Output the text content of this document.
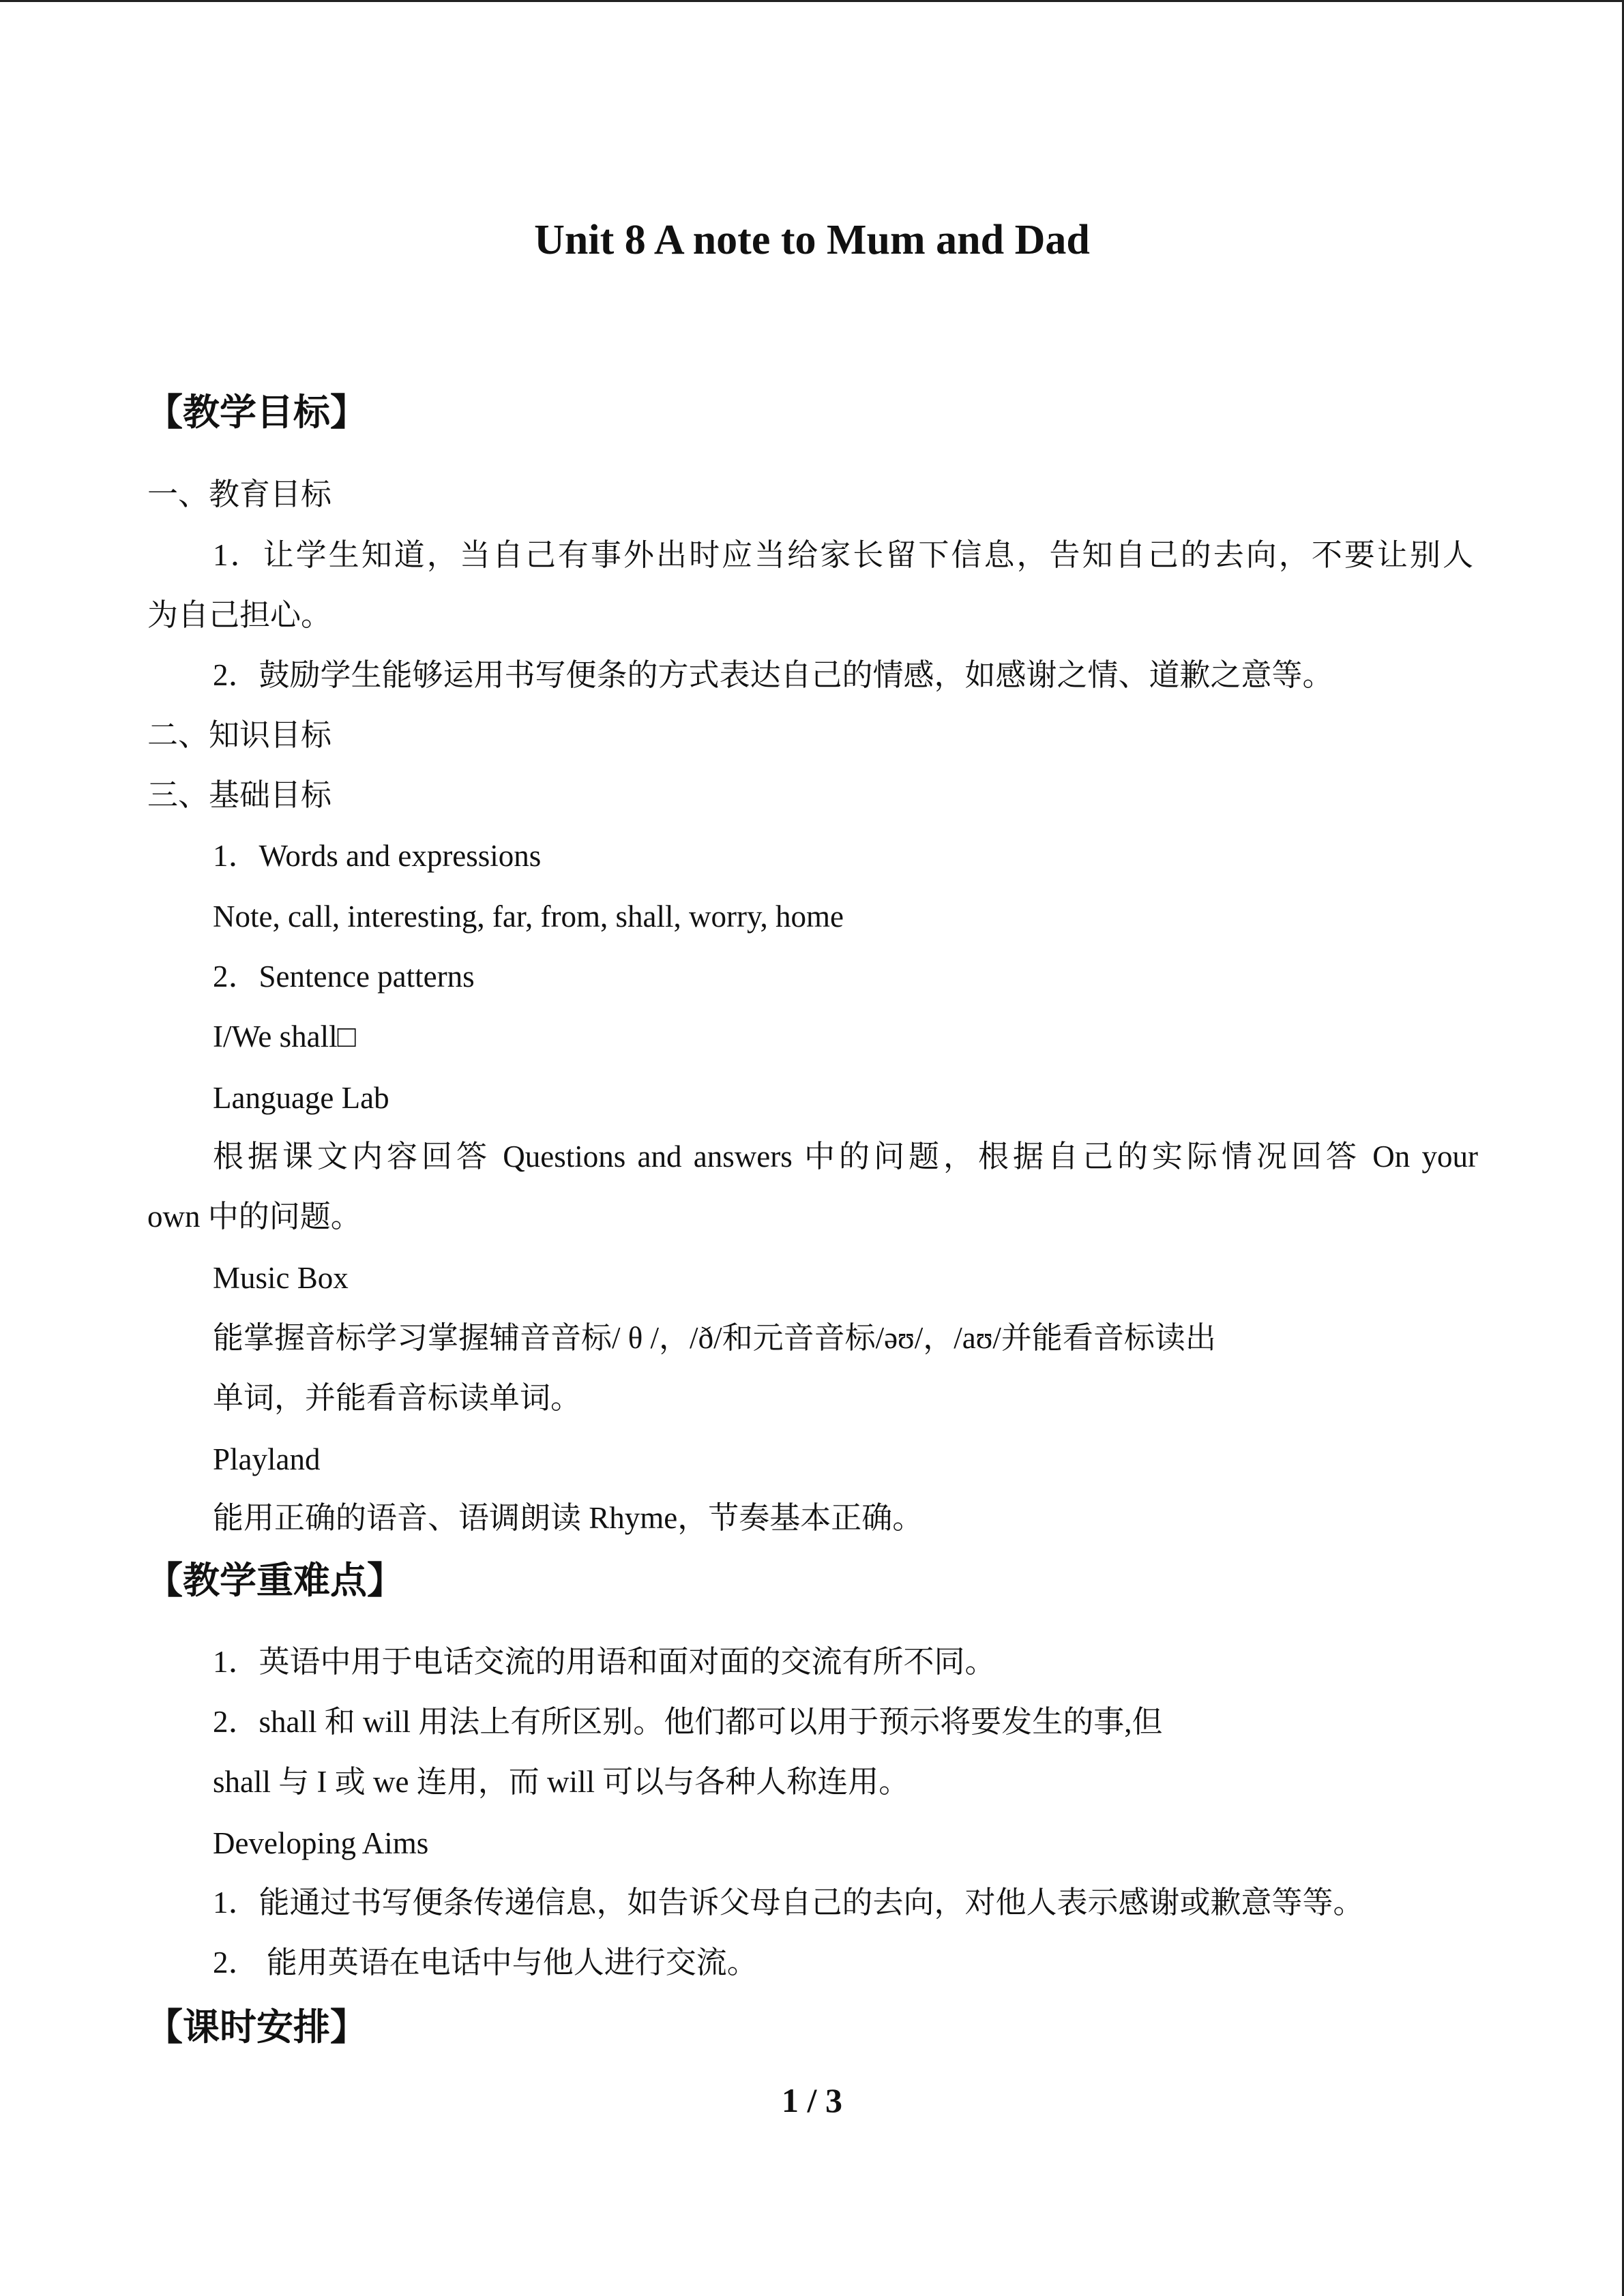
Unit 8 A note to Mum and Dad
【教学目标】
一、教育目标
1．让学生知道，当自己有事外出时应当给家长留下信息，告知自己的去向，不要让别人
为自己担心。
2．鼓励学生能够运用书写便条的方式表达自己的情感，如感谢之情、道歉之意等。
二、知识目标
三、基础目标
1．Words and expressions
Note, call, interesting, far, from, shall, worry, home
2．Sentence patterns
I/We shall□
Language Lab
根据课文内容回答 Questions and answers 中的问题，根据自己的实际情况回答 On your
own 中的问题。
Music Box
能掌握音标学习掌握辅音音标/ θ /，/ð/和元音音标/əʊ/，/aʊ/并能看音标读出
单词，并能看音标读单词。
Playland
能用正确的语音、语调朗读 Rhyme，节奏基本正确。
【教学重难点】
1．英语中用于电话交流的用语和面对面的交流有所不同。
2．shall 和 will 用法上有所区别。他们都可以用于预示将要发生的事,但
shall 与 I 或 we 连用，而 will 可以与各种人称连用。
Developing Aims
1．能通过书写便条传递信息，如告诉父母自己的去向，对他人表示感谢或歉意等等。
2． 能用英语在电话中与他人进行交流。
【课时安排】
1 / 3
